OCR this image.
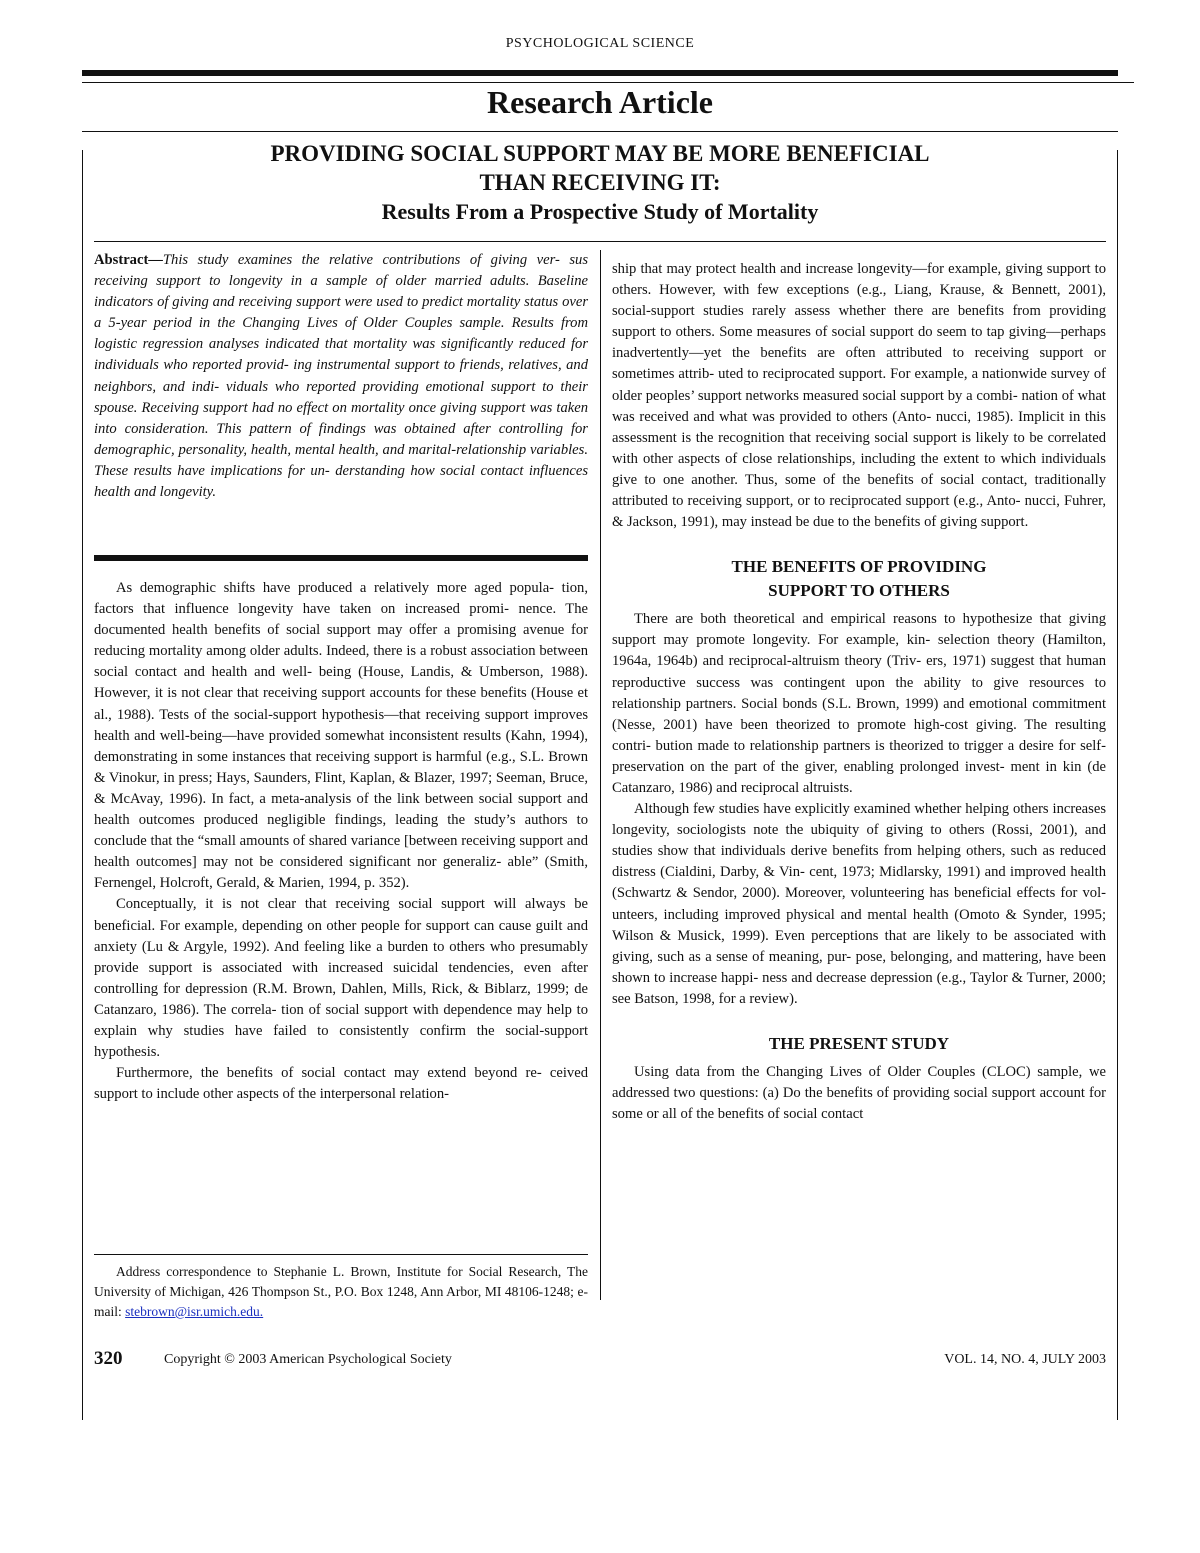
PSYCHOLOGICAL SCIENCE
Research Article
PROVIDING SOCIAL SUPPORT MAY BE MORE BENEFICIAL
THAN RECEIVING IT:
Results From a Prospective Study of Mortality

Abstract—This study examines the relative contributions of giving ver- sus receiving support to longevity in a sample of older married adults. Baseline indicators of giving and receiving support were used to predict mortality status over a 5-year period in the Changing Lives of Older Couples sample. Results from logistic regression analyses indicated that mortality was significantly reduced for individuals who reported provid- ing instrumental support to friends, relatives, and neighbors, and indi- viduals who reported providing emotional support to their spouse. Receiving support had no effect on mortality once giving support was taken into consideration. This pattern of findings was obtained after controlling for demographic, personality, health, mental health, and marital-relationship variables. These results have implications for un- derstanding how social contact influences health and longevity.

As demographic shifts have produced a relatively more aged popula- tion, factors that influence longevity have taken on increased promi- nence. The documented health benefits of social support may offer a promising avenue for reducing mortality among older adults. Indeed, there is a robust association between social contact and health and well- being (House, Landis, & Umberson, 1988). However, it is not clear that receiving support accounts for these benefits (House et al., 1988). Tests of the social-support hypothesis—that receiving support improves health and well-being—have provided somewhat inconsistent results (Kahn, 1994), demonstrating in some instances that receiving support is harmful (e.g., S.L. Brown & Vinokur, in press; Hays, Saunders, Flint, Kaplan, & Blazer, 1997; Seeman, Bruce, & McAvay, 1996). In fact, a meta-analysis of the link between social support and health outcomes produced negligible findings, leading the study’s authors to conclude that the “small amounts of shared variance [between receiving support and health outcomes] may not be considered significant nor generaliz- able” (Smith, Fernengel, Holcroft, Gerald, & Marien, 1994, p. 352).

Conceptually, it is not clear that receiving social support will always be beneficial. For example, depending on other people for support can cause guilt and anxiety (Lu & Argyle, 1992). And feeling like a burden to others who presumably provide support is associated with increased suicidal tendencies, even after controlling for depression (R.M. Brown, Dahlen, Mills, Rick, & Biblarz, 1999; de Catanzaro, 1986). The correla- tion of social support with dependence may help to explain why studies have failed to consistently confirm the social-support hypothesis.

Furthermore, the benefits of social contact may extend beyond re- ceived support to include other aspects of the interpersonal relation-

ship that may protect health and increase longevity—for example, giving support to others. However, with few exceptions (e.g., Liang, Krause, & Bennett, 2001), social-support studies rarely assess whether there are benefits from providing support to others. Some measures of social support do seem to tap giving—perhaps inadvertently—yet the benefits are often attributed to receiving support or sometimes attrib- uted to reciprocated support. For example, a nationwide survey of older peoples’ support networks measured social support by a combi- nation of what was received and what was provided to others (Anto- nucci, 1985). Implicit in this assessment is the recognition that receiving social support is likely to be correlated with other aspects of close relationships, including the extent to which individuals give to one another. Thus, some of the benefits of social contact, traditionally attributed to receiving support, or to reciprocated support (e.g., Anto- nucci, Fuhrer, & Jackson, 1991), may instead be due to the benefits of giving support.

THE BENEFITS OF PROVIDING
SUPPORT TO OTHERS

There are both theoretical and empirical reasons to hypothesize that giving support may promote longevity. For example, kin- selection theory (Hamilton, 1964a, 1964b) and reciprocal-altruism theory (Triv- ers, 1971) suggest that human reproductive success was contingent upon the ability to give resources to relationship partners. Social bonds (S.L. Brown, 1999) and emotional commitment (Nesse, 2001) have been theorized to promote high-cost giving. The resulting contri- bution made to relationship partners is theorized to trigger a desire for self-preservation on the part of the giver, enabling prolonged invest- ment in kin (de Catanzaro, 1986) and reciprocal altruists.

Although few studies have explicitly examined whether helping others increases longevity, sociologists note the ubiquity of giving to others (Rossi, 2001), and studies show that individuals derive benefits from helping others, such as reduced distress (Cialdini, Darby, & Vin- cent, 1973; Midlarsky, 1991) and improved health (Schwartz & Sendor, 2000). Moreover, volunteering has beneficial effects for vol- unteers, including improved physical and mental health (Omoto & Synder, 1995; Wilson & Musick, 1999). Even perceptions that are likely to be associated with giving, such as a sense of meaning, pur- pose, belonging, and mattering, have been shown to increase happi- ness and decrease depression (e.g., Taylor & Turner, 2000; see Batson, 1998, for a review).

THE PRESENT STUDY

Using data from the Changing Lives of Older Couples (CLOC) sample, we addressed two questions: (a) Do the benefits of providing social support account for some or all of the benefits of social contact

Address correspondence to Stephanie L. Brown, Institute for Social Research, The University of Michigan, 426 Thompson St., P.O. Box 1248, Ann Arbor, MI 48106-1248; e-mail: stebrown@isr.umich.edu.
320	Copyright © 2003 American Psychological Society	VOL. 14, NO. 4, JULY 2003
